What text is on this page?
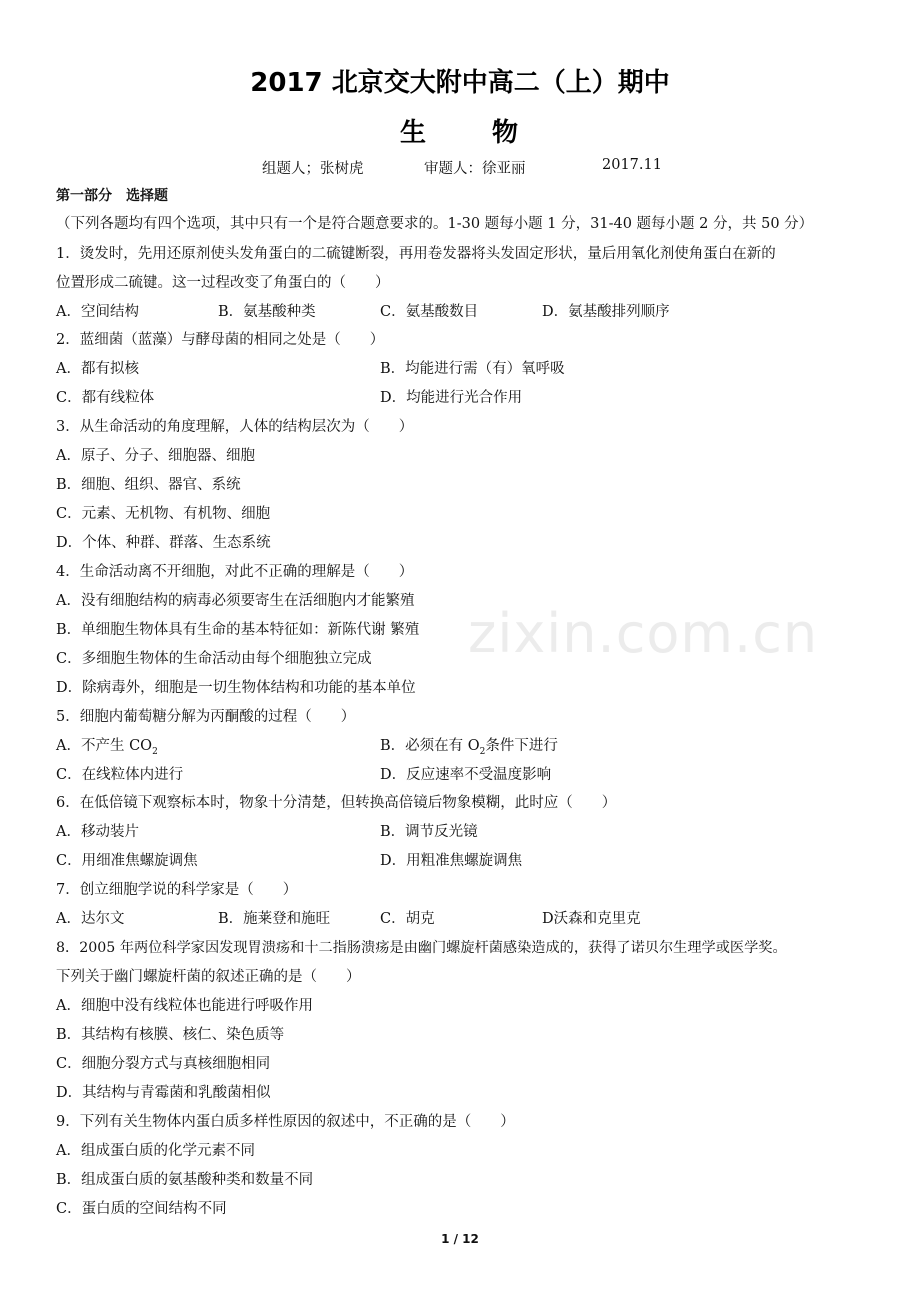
2017 北京交大附中高二（上）期中
生 物
组题人；张树虎	审题人：徐亚丽	2017.11
第一部分　选择题
（下列各题均有四个选项，其中只有一个是符合题意要求的。1-30 题每小题 1 分，31-40 题每小题 2 分，共 50 分）
1．烫发时，先用还原剂使头发角蛋白的二硫键断裂，再用卷发器将头发固定形状，量后用氧化剂使角蛋白在新的
位置形成二硫键。这一过程改变了角蛋白的（　　）
A．空间结构	B．氨基酸种类	C．氨基酸数目	D．氨基酸排列顺序
2．蓝细菌（蓝藻）与酵母菌的相同之处是（　　）
A．都有拟核	B．均能进行需（有）氧呼吸
C．都有线粒体	D．均能进行光合作用
3．从生命活动的角度理解，人体的结构层次为（　　）
A．原子、分子、细胞器、细胞
B．细胞、组织、器官、系统
C．元素、无机物、有机物、细胞
D．个体、种群、群落、生态系统
4．生命活动离不开细胞，对此不正确的理解是（　　）
A．没有细胞结构的病毒必须要寄生在活细胞内才能繁殖
B．单细胞生物体具有生命的基本特征如：新陈代谢 繁殖
C．多细胞生物体的生命活动由每个细胞独立完成
D．除病毒外，细胞是一切生物体结构和功能的基本单位
5．细胞内葡萄糖分解为丙酮酸的过程（　　）
A．不产生 $CO_2$	B．必须在有 $O_2$条件下进行
C．在线粒体内进行	D．反应速率不受温度影响
6．在低倍镜下观察标本时，物象十分清楚，但转换高倍镜后物象模糊，此时应（　　）
A．移动装片	B．调节反光镜
C．用细准焦螺旋调焦	D．用粗准焦螺旋调焦
7．创立细胞学说的科学家是（　　）
A．达尔文	B．施莱登和施旺	C．胡克	D沃森和克里克
8．2005 年两位科学家因发现胃溃疡和十二指肠溃疡是由幽门螺旋杆菌感染造成的，获得了诺贝尔生理学或医学奖。
下列关于幽门螺旋杆菌的叙述正确的是（　　）
A．细胞中没有线粒体也能进行呼吸作用
B．其结构有核膜、核仁、染色质等
C．细胞分裂方式与真核细胞相同
D．其结构与青霉菌和乳酸菌相似
9．下列有关生物体内蛋白质多样性原因的叙述中，不正确的是（　　）
A．组成蛋白质的化学元素不同
B．组成蛋白质的氨基酸种类和数量不同
C．蛋白质的空间结构不同
zixin.com.cn
1 / 12
